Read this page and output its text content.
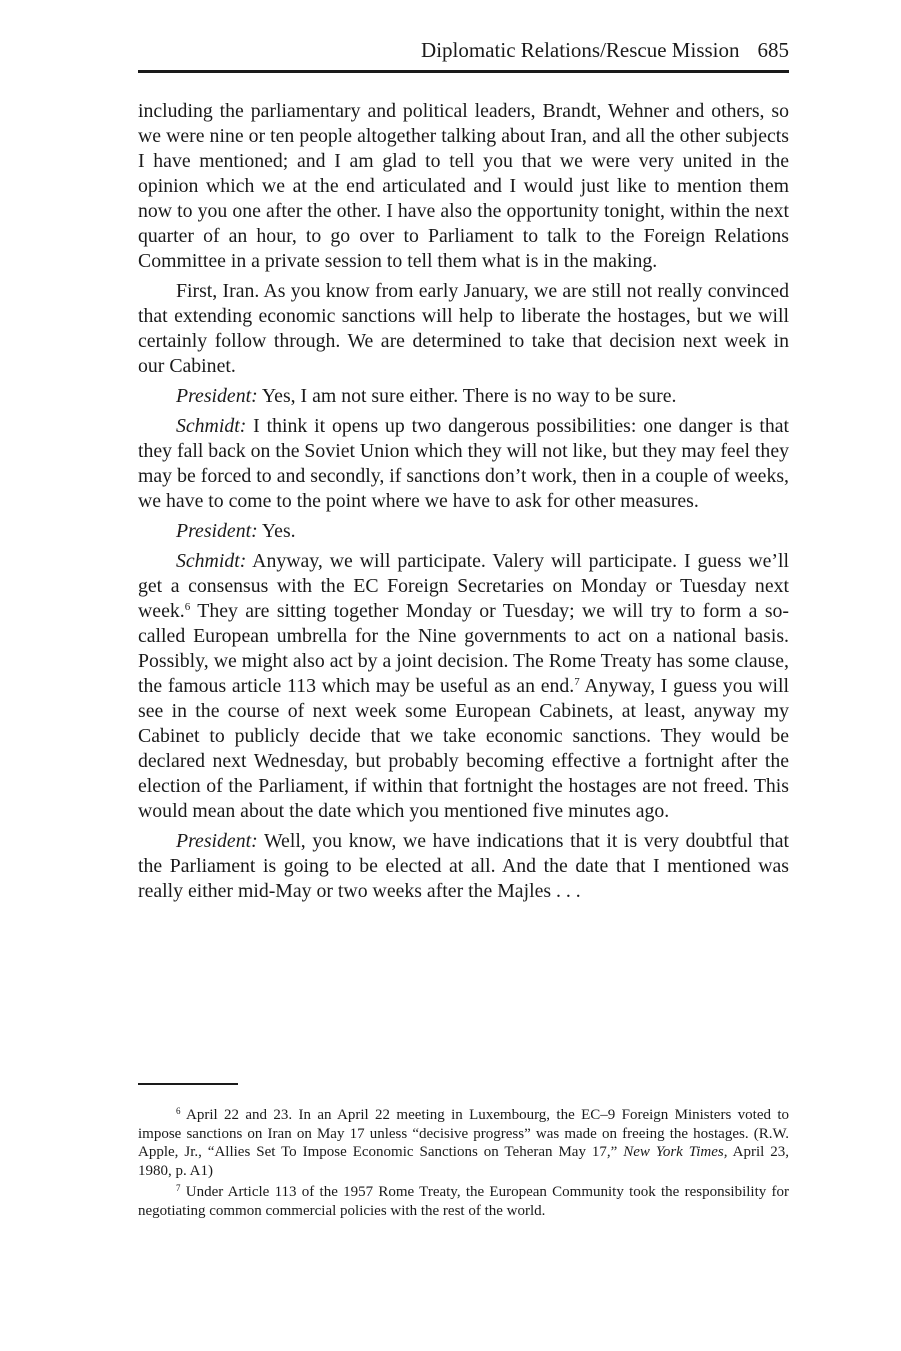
Diplomatic Relations/Rescue Mission 685

including the parliamentary and political leaders, Brandt, Wehner and others, so we were nine or ten people altogether talking about Iran, and all the other subjects I have mentioned; and I am glad to tell you that we were very united in the opinion which we at the end articulated and I would just like to mention them now to you one after the other. I have also the opportunity tonight, within the next quarter of an hour, to go over to Parliament to talk to the Foreign Relations Committee in a private session to tell them what is in the making.

First, Iran. As you know from early January, we are still not really convinced that extending economic sanctions will help to liberate the hostages, but we will certainly follow through. We are determined to take that decision next week in our Cabinet.

President: Yes, I am not sure either. There is no way to be sure.

Schmidt: I think it opens up two dangerous possibilities: one danger is that they fall back on the Soviet Union which they will not like, but they may feel they may be forced to and secondly, if sanctions don’t work, then in a couple of weeks, we have to come to the point where we have to ask for other measures.

President: Yes.

Schmidt: Anyway, we will participate. Valery will participate. I guess we’ll get a consensus with the EC Foreign Secretaries on Monday or Tuesday next week.$^6$ They are sitting together Monday or Tuesday; we will try to form a so-called European umbrella for the Nine governments to act on a national basis. Possibly, we might also act by a joint decision. The Rome Treaty has some clause, the famous article 113 which may be useful as an end.$^7$ Anyway, I guess you will see in the course of next week some European Cabinets, at least, anyway my Cabinet to publicly decide that we take economic sanctions. They would be declared next Wednesday, but probably becoming effective a fortnight after the election of the Parliament, if within that fortnight the hostages are not freed. This would mean about the date which you mentioned five minutes ago.

President: Well, you know, we have indications that it is very doubtful that the Parliament is going to be elected at all. And the date that I mentioned was really either mid-May or two weeks after the Majles . . .

$^6$ April 22 and 23. In an April 22 meeting in Luxembourg, the EC–9 Foreign Ministers voted to impose sanctions on Iran on May 17 unless “decisive progress” was made on freeing the hostages. (R.W. Apple, Jr., “Allies Set To Impose Economic Sanctions on Teheran May 17,” New York Times, April 23, 1980, p. A1)

$^7$ Under Article 113 of the 1957 Rome Treaty, the European Community took the responsibility for negotiating common commercial policies with the rest of the world.
